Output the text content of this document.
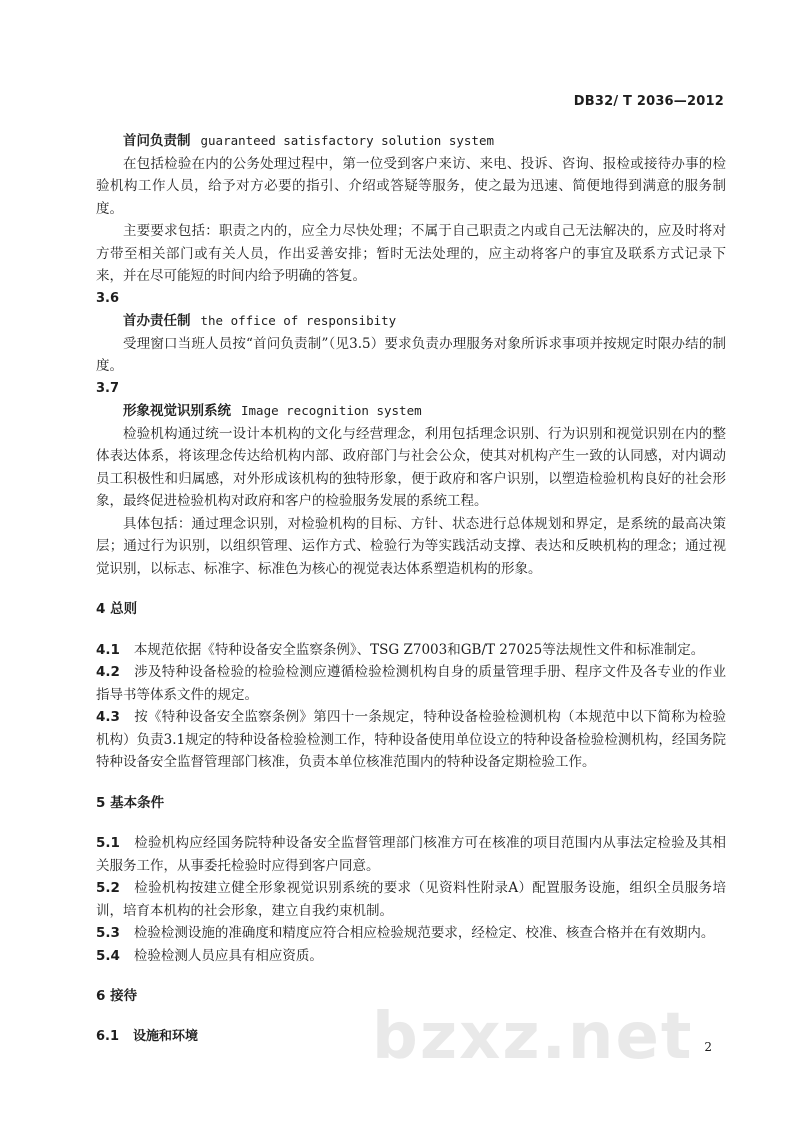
DB32/ T 2036—2012
首问负责制 guaranteed satisfactory solution system

在包括检验在内的公务处理过程中，第一位受到客户来访、来电、投诉、咨询、报检或接待办事的检验机构工作人员，给予对方必要的指引、介绍或答疑等服务，使之最为迅速、简便地得到满意的服务制度。

主要要求包括：职责之内的，应全力尽快处理；不属于自己职责之内或自己无法解决的，应及时将对方带至相关部门或有关人员，作出妥善安排；暂时无法处理的，应主动将客户的事宜及联系方式记录下来，并在尽可能短的时间内给予明确的答复。

3.6
首办责任制 the office of responsibity

受理窗口当班人员按“首问负责制”（见3.5）要求负责办理服务对象所诉求事项并按规定时限办结的制度。

3.7
形象视觉识别系统 Image recognition system

检验机构通过统一设计本机构的文化与经营理念，利用包括理念识别、行为识别和视觉识别在内的整体表达体系，将该理念传达给机构内部、政府部门与社会公众，使其对机构产生一致的认同感，对内调动员工积极性和归属感，对外形成该机构的独特形象，便于政府和客户识别，以塑造检验机构良好的社会形象，最终促进检验机构对政府和客户的检验服务发展的系统工程。

具体包括：通过理念识别，对检验机构的目标、方针、状态进行总体规划和界定，是系统的最高决策层；通过行为识别，以组织管理、运作方式、检验行为等实践活动支撑、表达和反映机构的理念；通过视觉识别，以标志、标准字、标准色为核心的视觉表达体系塑造机构的形象。

4 总则

4.1 本规范依据《特种设备安全监察条例》、TSG Z7003和GB/T 27025等法规性文件和标准制定。

4.2 涉及特种设备检验的检验检测应遵循检验检测机构自身的质量管理手册、程序文件及各专业的作业指导书等体系文件的规定。

4.3 按《特种设备安全监察条例》第四十一条规定，特种设备检验检测机构（本规范中以下简称为检验机构）负责3.1规定的特种设备检验检测工作，特种设备使用单位设立的特种设备检验检测机构，经国务院特种设备安全监督管理部门核准，负责本单位核准范围内的特种设备定期检验工作。

5 基本条件

5.1 检验机构应经国务院特种设备安全监督管理部门核准方可在核准的项目范围内从事法定检验及其相关服务工作，从事委托检验时应得到客户同意。

5.2 检验机构按建立健全形象视觉识别系统的要求（见资料性附录A）配置服务设施，组织全员服务培训，培育本机构的社会形象，建立自我约束机制。

5.3 检验检测设施的准确度和精度应符合相应检验规范要求，经检定、校准、核查合格并在有效期内。

5.4 检验检测人员应具有相应资质。

6 接待
6.1 设施和环境	bzxz.net 2
